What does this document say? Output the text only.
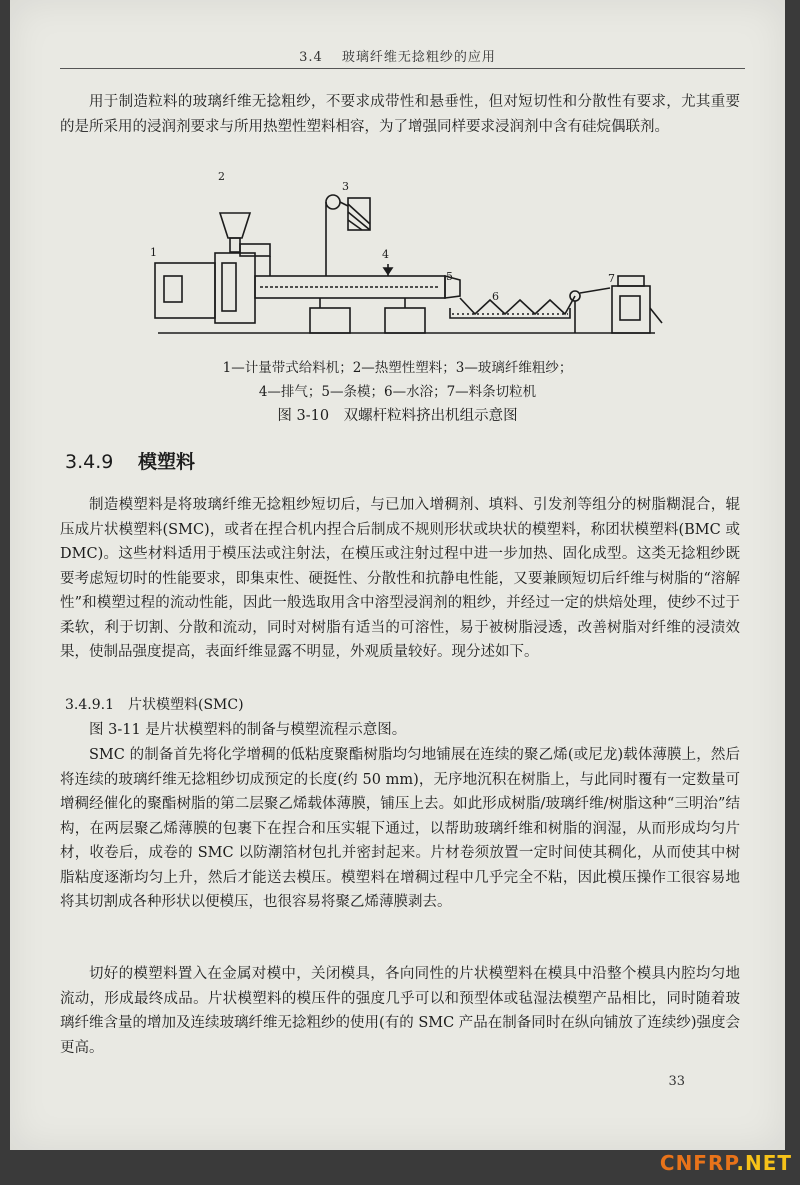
3.4 玻璃纤维无捻粗纱的应用

用于制造粒料的玻璃纤维无捻粗纱，不要求成带性和悬垂性，但对短切性和分散性有要求，尤其重要的是所采用的浸润剂要求与所用热塑性塑料相容，为了增强同样要求浸润剂中含有硅烷偶联剂。

1
2
3
4
5
6
7

1—计量带式给料机；2—热塑性塑料；3—玻璃纤维粗纱；

4—排气；5—条模；6—水浴；7—料条切粒机

图 3-10　双螺杆粒料挤出机组示意图

3.4.9 模塑料

制造模塑料是将玻璃纤维无捻粗纱短切后，与已加入增稠剂、填料、引发剂等组分的树脂糊混合，辊压成片状模塑料(SMC)，或者在捏合机内捏合后制成不规则形状或块状的模塑料，称团状模塑料(BMC 或 DMC)。这些材料适用于模压法或注射法，在模压或注射过程中进一步加热、固化成型。这类无捻粗纱既要考虑短切时的性能要求，即集束性、硬挺性、分散性和抗静电性能，又要兼顾短切后纤维与树脂的“溶解性”和模塑过程的流动性能，因此一般选取用含中溶型浸润剂的粗纱，并经过一定的烘焙处理，使纱不过于柔软，利于切割、分散和流动，同时对树脂有适当的可溶性，易于被树脂浸透，改善树脂对纤维的浸渍效果，使制品强度提高，表面纤维显露不明显，外观质量较好。现分述如下。

3.4.9.1　片状模塑料(SMC)

图 3-11 是片状模塑料的制备与模塑流程示意图。

SMC 的制备首先将化学增稠的低粘度聚酯树脂均匀地铺展在连续的聚乙烯(或尼龙)载体薄膜上，然后将连续的玻璃纤维无捻粗纱切成预定的长度(约 50 mm)，无序地沉积在树脂上，与此同时覆有一定数量可增稠经催化的聚酯树脂的第二层聚乙烯载体薄膜，铺压上去。如此形成树脂/玻璃纤维/树脂这种“三明治”结构，在两层聚乙烯薄膜的包裹下在捏合和压实辊下通过，以帮助玻璃纤维和树脂的润湿，从而形成均匀片材，收卷后，成卷的 SMC 以防潮箔材包扎并密封起来。片材卷须放置一定时间使其稠化，从而使其中树脂粘度逐渐均匀上升，然后才能送去模压。模塑料在增稠过程中几乎完全不粘，因此模压操作工很容易地将其切割成各种形状以便模压，也很容易将聚乙烯薄膜剥去。

切好的模塑料置入在金属对模中，关闭模具，各向同性的片状模塑料在模具中沿整个模具内腔均匀地流动，形成最终成品。片状模塑料的模压件的强度几乎可以和预型体或毡湿法模塑产品相比，同时随着玻璃纤维含量的增加及连续玻璃纤维无捻粗纱的使用(有的 SMC 产品在制备同时在纵向铺放了连续纱)强度会更高。

33
CNFRP.NET
